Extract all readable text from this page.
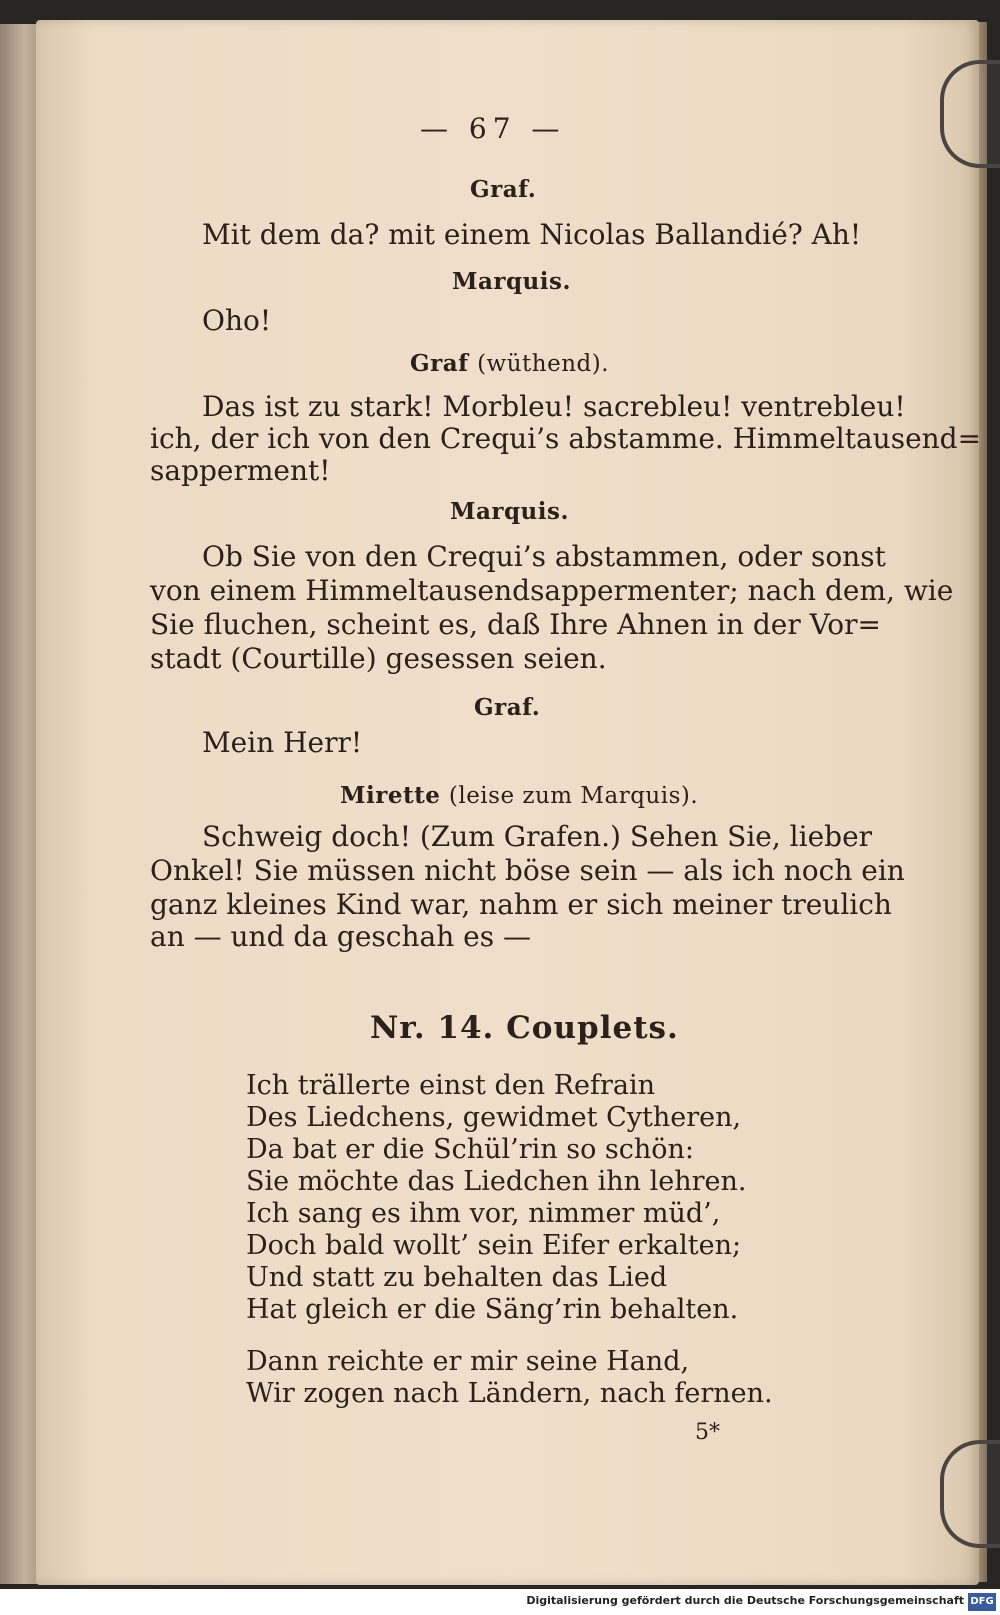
— 67 —
Graf.
Mit dem da? mit einem Nicolas Ballandié? Ah!
Marquis.
Oho!
Graf (wüthend).
Das ist zu stark! Morbleu! sacrebleu! ventrebleu!
ich, der ich von den Crequi’s abstamme. Himmeltausend=
sapperment!
Marquis.
Ob Sie von den Crequi’s abstammen, oder sonst
von einem Himmeltausendsappermenter; nach dem, wie
Sie fluchen, scheint es, daß Ihre Ahnen in der Vor=
stadt (Courtille) gesessen seien.
Graf.
Mein Herr!
Mirette (leise zum Marquis).
Schweig doch! (Zum Grafen.) Sehen Sie, lieber
Onkel! Sie müssen nicht böse sein — als ich noch ein
ganz kleines Kind war, nahm er sich meiner treulich
an — und da geschah es —
Nr. 14. Couplets.
Ich trällerte einst den Refrain
Des Liedchens, gewidmet Cytheren,
Da bat er die Schül’rin so schön:
Sie möchte das Liedchen ihn lehren.
Ich sang es ihm vor, nimmer müd’,
Doch bald wollt’ sein Eifer erkalten;
Und statt zu behalten das Lied
Hat gleich er die Säng’rin behalten.
Dann reichte er mir seine Hand,
Wir zogen nach Ländern, nach fernen.
5*
Digitalisierung gefördert durch die Deutsche Forschungsgemeinschaft DFG
